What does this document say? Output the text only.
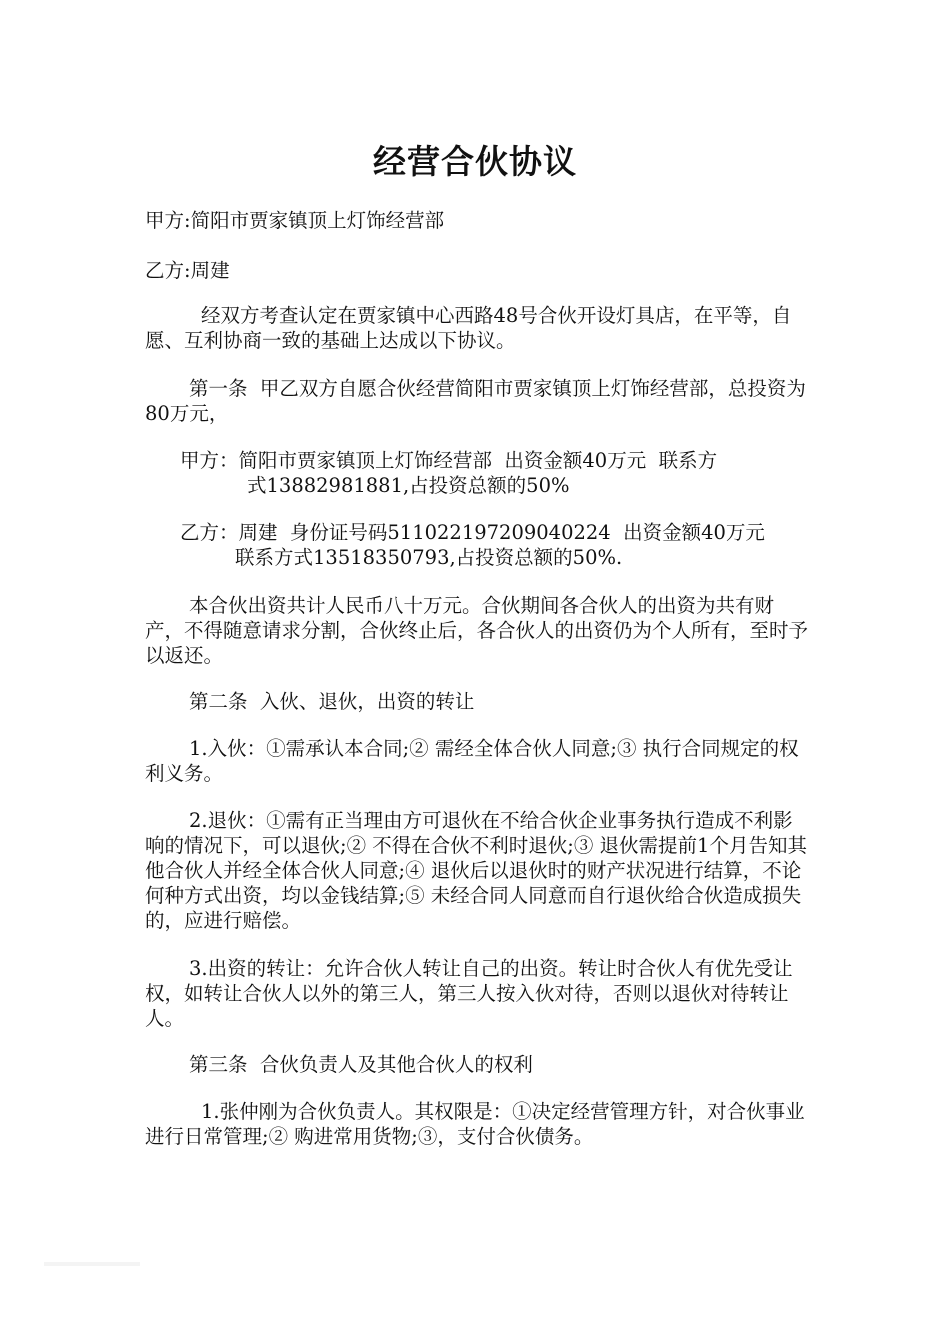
经营合伙协议
甲方:简阳市贾家镇顶上灯饰经营部
乙方:周建
经双方考查认定在贾家镇中心西路48号合伙开设灯具店，在平等，自愿、互利协商一致的基础上达成以下协议。
第一条  甲乙双方自愿合伙经营简阳市贾家镇顶上灯饰经营部，总投资为80万元，
甲方：简阳市贾家镇顶上灯饰经营部  出资金额40万元  联系方
式13882981881,占投资总额的50%
乙方：周建  身份证号码511022197209040224  出资金额40万元
联系方式13518350793,占投资总额的50%.
本合伙出资共计人民币八十万元。合伙期间各合伙人的出资为共有财产，不得随意请求分割，合伙终止后，各合伙人的出资仍为个人所有，至时予以返还。
第二条  入伙、退伙，出资的转让
1.入伙：①需承认本合同;② 需经全体合伙人同意;③ 执行合同规定的权利义务。
2.退伙：①需有正当理由方可退伙在不给合伙企业事务执行造成不利影响的情况下，可以退伙;② 不得在合伙不利时退伙;③ 退伙需提前1个月告知其他合伙人并经全体合伙人同意;④ 退伙后以退伙时的财产状况进行结算，不论何种方式出资，均以金钱结算;⑤ 未经合同人同意而自行退伙给合伙造成损失的，应进行赔偿。
3.出资的转让：允许合伙人转让自己的出资。转让时合伙人有优先受让权，如转让合伙人以外的第三人，第三人按入伙对待，否则以退伙对待转让人。
第三条  合伙负责人及其他合伙人的权利
1.张仲刚为合伙负责人。其权限是：①决定经营管理方针，对合伙事业进行日常管理;② 购进常用货物;③，支付合伙债务。
